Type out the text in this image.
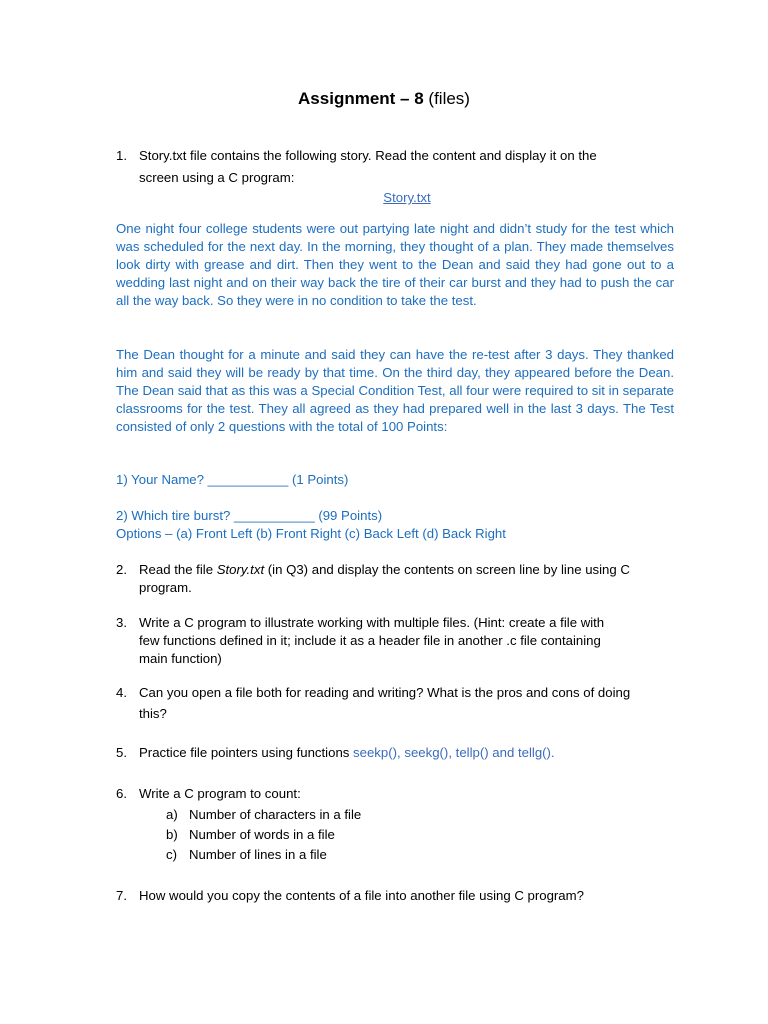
Assignment – 8 (files)
1. Story.txt file contains the following story. Read the content and display it on the
screen using a C program:
Story.txt
One night four college students were out partying late night and didn’t study for the test which was scheduled for the next day. In the morning, they thought of a plan. They made themselves look dirty with grease and dirt. Then they went to the Dean and said they had gone out to a wedding last night and on their way back the tire of their car burst and they had to push the car all the way back. So they were in no condition to take the test.
The Dean thought for a minute and said they can have the re-test after 3 days. They thanked him and said they will be ready by that time. On the third day, they appeared before the Dean. The Dean said that as this was a Special Condition Test, all four were required to sit in separate classrooms for the test. They all agreed as they had prepared well in the last 3 days. The Test consisted of only 2 questions with the total of 100 Points:
1) Your Name? ___________ (1 Points)
2) Which tire burst? ___________ (99 Points)
Options – (a) Front Left (b) Front Right (c) Back Left (d) Back Right
2. Read the file Story.txt (in Q3) and display the contents on screen line by line using C
program.
3. Write a C program to illustrate working with multiple files. (Hint: create a file with
few functions defined in it; include it as a header file in another .c file containing
main function)
4. Can you open a file both for reading and writing? What is the pros and cons of doing
this?
5. Practice file pointers using functions seekp(), seekg(), tellp() and tellg().
6. Write a C program to count:
a) Number of characters in a file
b) Number of words in a file
c) Number of lines in a file
7. How would you copy the contents of a file into another file using C program?
